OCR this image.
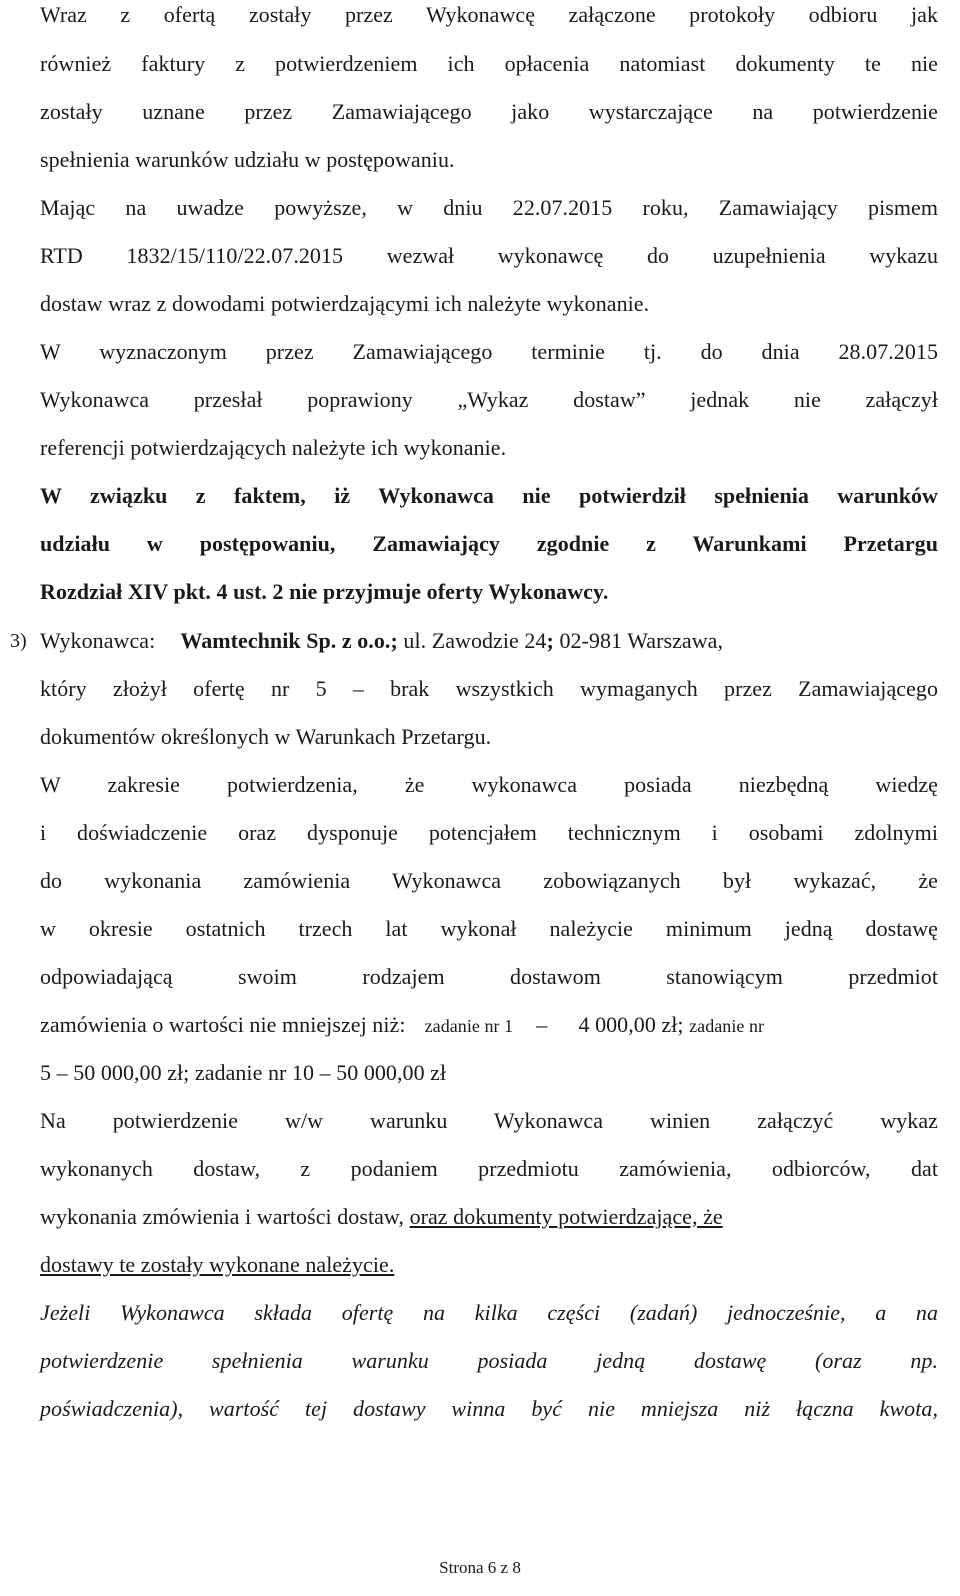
Wraz z ofertą zostały przez Wykonawcę załączone protokoły odbioru jak
również faktury z potwierdzeniem ich opłacenia natomiast dokumenty te nie
zostały uznane przez Zamawiającego jako wystarczające na potwierdzenie
spełnienia warunków udziału w postępowaniu.
Mając na uwadze powyższe, w dniu 22.07.2015 roku, Zamawiający pismem
RTD 1832/15/110/22.07.2015 wezwał wykonawcę do uzupełnienia wykazu
dostaw wraz z dowodami potwierdzającymi ich należyte wykonanie.
W wyznaczonym przez Zamawiającego terminie tj. do dnia 28.07.2015
Wykonawca przesłał poprawiony „Wykaz dostaw” jednak nie załączył
referencji potwierdzających należyte ich wykonanie.
W związku z faktem, iż Wykonawca nie potwierdził spełnienia warunków
udziału w postępowaniu, Zamawiający zgodnie z Warunkami Przetargu
Rozdział XIV pkt. 4 ust. 2 nie przyjmuje oferty Wykonawcy.
3) Wykonawca: Wamtechnik Sp. z o.o.; ul. Zawodzie 24; 02-981 Warszawa,
który złożył ofertę nr 5 – brak wszystkich wymaganych przez Zamawiającego
dokumentów określonych w Warunkach Przetargu.
W zakresie potwierdzenia, że wykonawca posiada niezbędną wiedzę
i doświadczenie oraz dysponuje potencjałem technicznym i osobami zdolnymi
do wykonania zamówienia Wykonawca zobowiązanych był wykazać, że
w okresie ostatnich trzech lat wykonał należycie minimum jedną dostawę
odpowiadającą swoim rodzajem dostawom stanowiącym przedmiot
zamówienia o wartości nie mniejszej niż: zadanie nr 1 – 4 000,00 zł; zadanie nr
5 – 50 000,00 zł; zadanie nr 10 – 50 000,00 zł
Na potwierdzenie w/w warunku Wykonawca winien załączyć wykaz
wykonanych dostaw, z podaniem przedmiotu zamówienia, odbiorców, dat
wykonania zmówienia i wartości dostaw, oraz dokumenty potwierdzające, że
dostawy te zostały wykonane należycie.
Jeżeli Wykonawca składa ofertę na kilka części (zadań) jednocześnie, a na
potwierdzenie spełnienia warunku posiada jedną dostawę (oraz np.
poświadczenia), wartość tej dostawy winna być nie mniejsza niż łączna kwota,
Strona 6 z 8
